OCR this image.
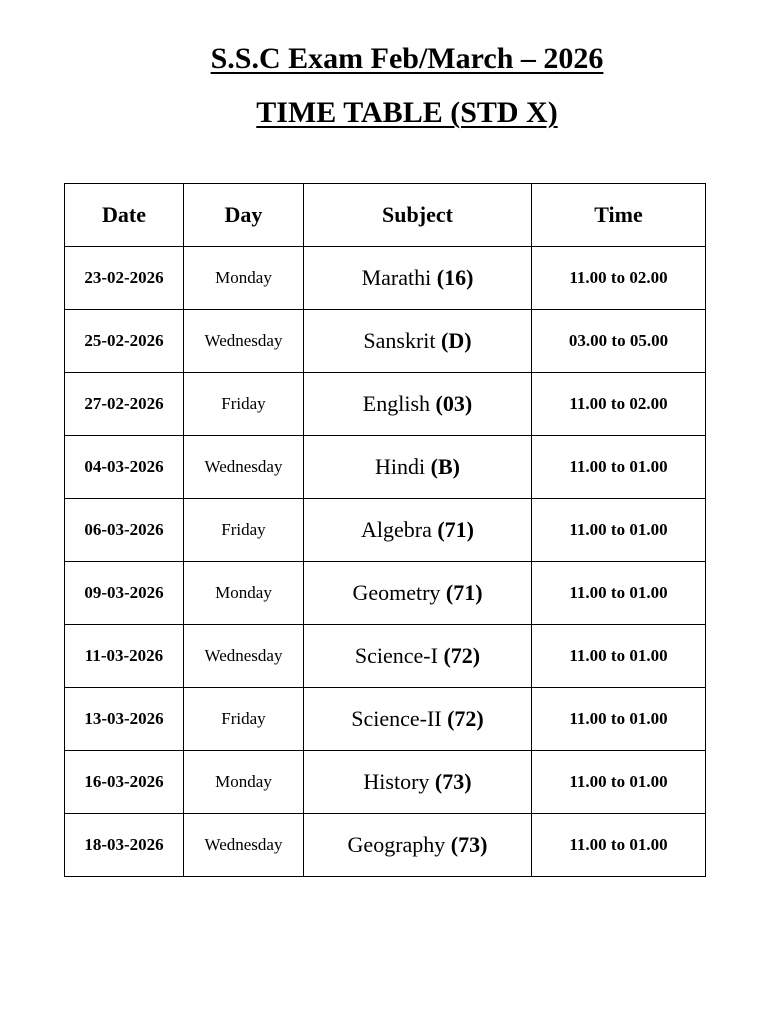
S.S.C Exam Feb/March – 2026
TIME TABLE (STD X)
Date	Day	Subject	Time
23-02-2026	Monday	Marathi (16)	11.00 to 02.00
25-02-2026	Wednesday	Sanskrit (D)	03.00 to 05.00
27-02-2026	Friday	English (03)	11.00 to 02.00
04-03-2026	Wednesday	Hindi (B)	11.00 to 01.00
06-03-2026	Friday	Algebra (71)	11.00 to 01.00
09-03-2026	Monday	Geometry (71)	11.00 to 01.00
11-03-2026	Wednesday	Science-I (72)	11.00 to 01.00
13-03-2026	Friday	Science-II (72)	11.00 to 01.00
16-03-2026	Monday	History (73)	11.00 to 01.00
18-03-2026	Wednesday	Geography (73)	11.00 to 01.00
